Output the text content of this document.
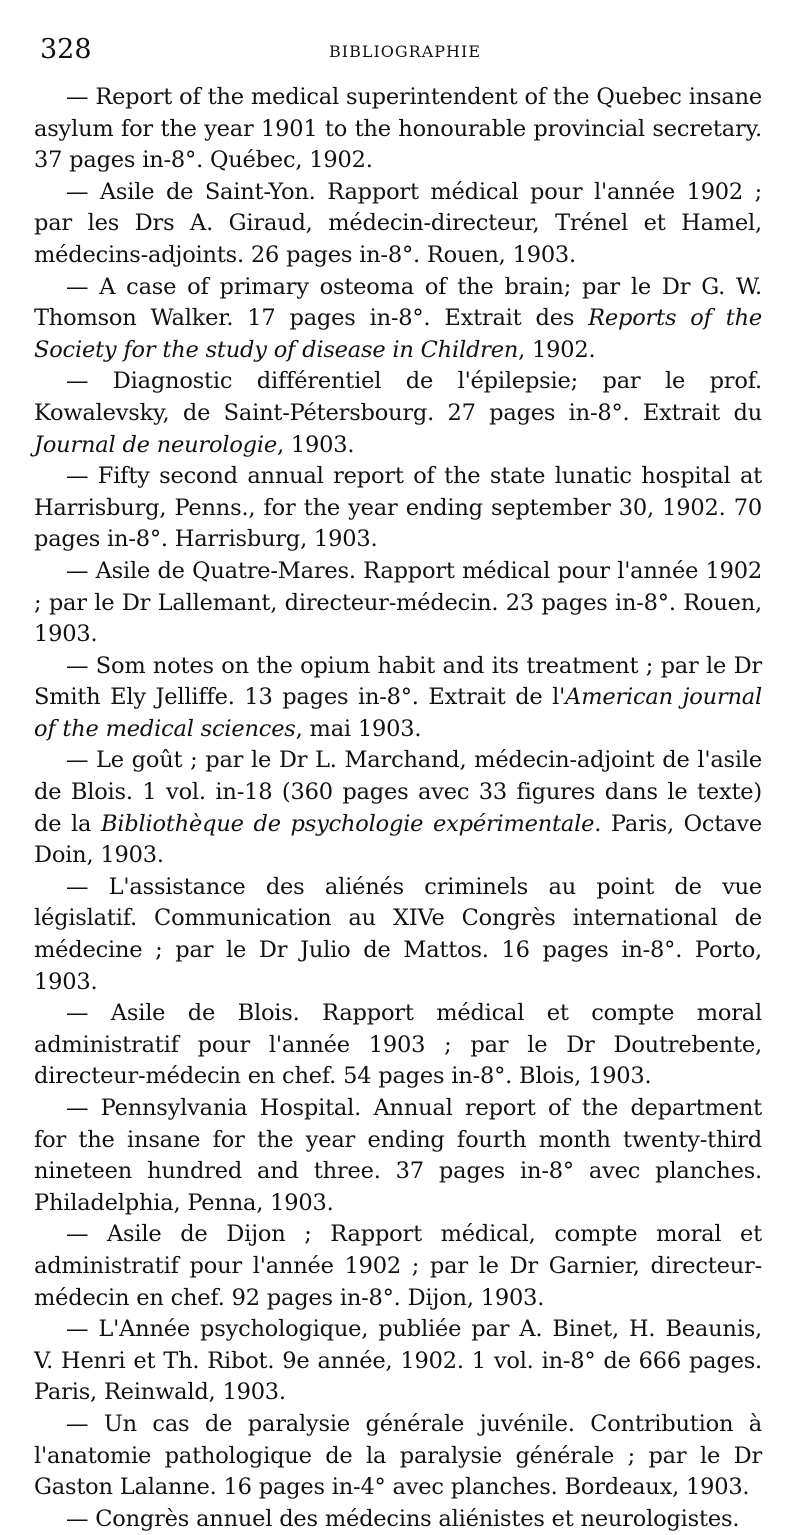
328	BIBLIOGRAPHIE

— Report of the medical superintendent of the Quebec insane asylum for the year 1901 to the honourable provincial secretary. 37 pages in-8°. Québec, 1902.

— Asile de Saint-Yon. Rapport médical pour l'année 1902 ; par les Drs A. Giraud, médecin-directeur, Trénel et Hamel, médecins-adjoints. 26 pages in-8°. Rouen, 1903.

— A case of primary osteoma of the brain; par le Dr G. W. Thomson Walker. 17 pages in-8°. Extrait des Reports of the Society for the study of disease in Children, 1902.

— Diagnostic différentiel de l'épilepsie; par le prof. Kowalevsky, de Saint-Pétersbourg. 27 pages in-8°. Extrait du Journal de neurologie, 1903.

— Fifty second annual report of the state lunatic hospital at Harrisburg, Penns., for the year ending september 30, 1902. 70 pages in-8°. Harrisburg, 1903.

— Asile de Quatre-Mares. Rapport médical pour l'année 1902 ; par le Dr Lallemant, directeur-médecin. 23 pages in-8°. Rouen, 1903.

— Som notes on the opium habit and its treatment ; par le Dr Smith Ely Jelliffe. 13 pages in-8°. Extrait de l'American journal of the medical sciences, mai 1903.

— Le goût ; par le Dr L. Marchand, médecin-adjoint de l'asile de Blois. 1 vol. in-18 (360 pages avec 33 figures dans le texte) de la Bibliothèque de psychologie expérimentale. Paris, Octave Doin, 1903.

— L'assistance des aliénés criminels au point de vue législatif. Communication au XIVe Congrès international de médecine ; par le Dr Julio de Mattos. 16 pages in-8°. Porto, 1903.

— Asile de Blois. Rapport médical et compte moral administratif pour l'année 1903 ; par le Dr Doutrebente, directeur-médecin en chef. 54 pages in-8°. Blois, 1903.

— Pennsylvania Hospital. Annual report of the department for the insane for the year ending fourth month twenty-third nineteen hundred and three. 37 pages in-8° avec planches. Philadelphia, Penna, 1903.

— Asile de Dijon ; Rapport médical, compte moral et administratif pour l'année 1902 ; par le Dr Garnier, directeur-médecin en chef. 92 pages in-8°. Dijon, 1903.

— L'Année psychologique, publiée par A. Binet, H. Beaunis, V. Henri et Th. Ribot. 9e année, 1902. 1 vol. in-8° de 666 pages. Paris, Reinwald, 1903.

— Un cas de paralysie générale juvénile. Contribution à l'anatomie pathologique de la paralysie générale ; par le Dr Gaston Lalanne. 16 pages in-4° avec planches. Bordeaux, 1903.

— Congrès annuel des médecins aliénistes et neurologistes.
